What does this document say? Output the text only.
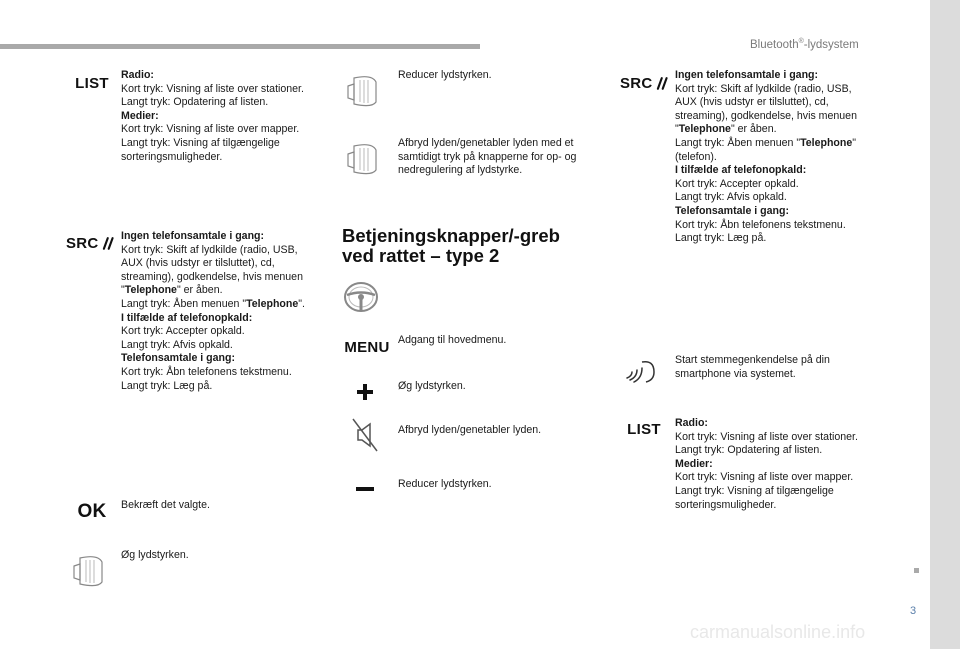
Bluetooth®-lydsystem
3
carmanualsonline.info
LIST Radio:
Kort tryk: Visning af liste over stationer.
Langt tryk: Opdatering af listen.
Medier:
Kort tryk: Visning af liste over mapper.
Langt tryk: Visning af tilgængelige sorteringsmuligheder.
SRC Ingen telefonsamtale i gang:
Kort tryk: Skift af lydkilde (radio, USB, AUX (hvis udstyr er tilsluttet), cd, streaming), godkendelse, hvis menuen "Telephone" er åben.
Langt tryk: Åben menuen "Telephone".
I tilfælde af telefonopkald:
Kort tryk: Accepter opkald.
Langt tryk: Afvis opkald.
Telefonsamtale i gang:
Kort tryk: Åbn telefonens tekstmenu.
Langt tryk: Læg på.
OK Bekræft det valgte.
Øg lydstyrken.
Reducer lydstyrken.
Afbryd lyden/genetabler lyden med et samtidigt tryk på knapperne for op- og nedregulering af lydstyrke.
Betjeningsknapper/-greb ved rattet – type 2
MENU Adgang til hovedmenu.
Øg lydstyrken.
Afbryd lyden/genetabler lyden.
Reducer lydstyrken.
SRC Ingen telefonsamtale i gang:
Kort tryk: Skift af lydkilde (radio, USB, AUX (hvis udstyr er tilsluttet), cd, streaming), godkendelse, hvis menuen "Telephone" er åben.
Langt tryk: Åben menuen "Telephone" (telefon).
I tilfælde af telefonopkald:
Kort tryk: Accepter opkald.
Langt tryk: Afvis opkald.
Telefonsamtale i gang:
Kort tryk: Åbn telefonens tekstmenu.
Langt tryk: Læg på.
Start stemmegenkendelse på din smartphone via systemet.
LIST Radio:
Kort tryk: Visning af liste over stationer.
Langt tryk: Opdatering af listen.
Medier:
Kort tryk: Visning af liste over mapper.
Langt tryk: Visning af tilgængelige sorteringsmuligheder.
